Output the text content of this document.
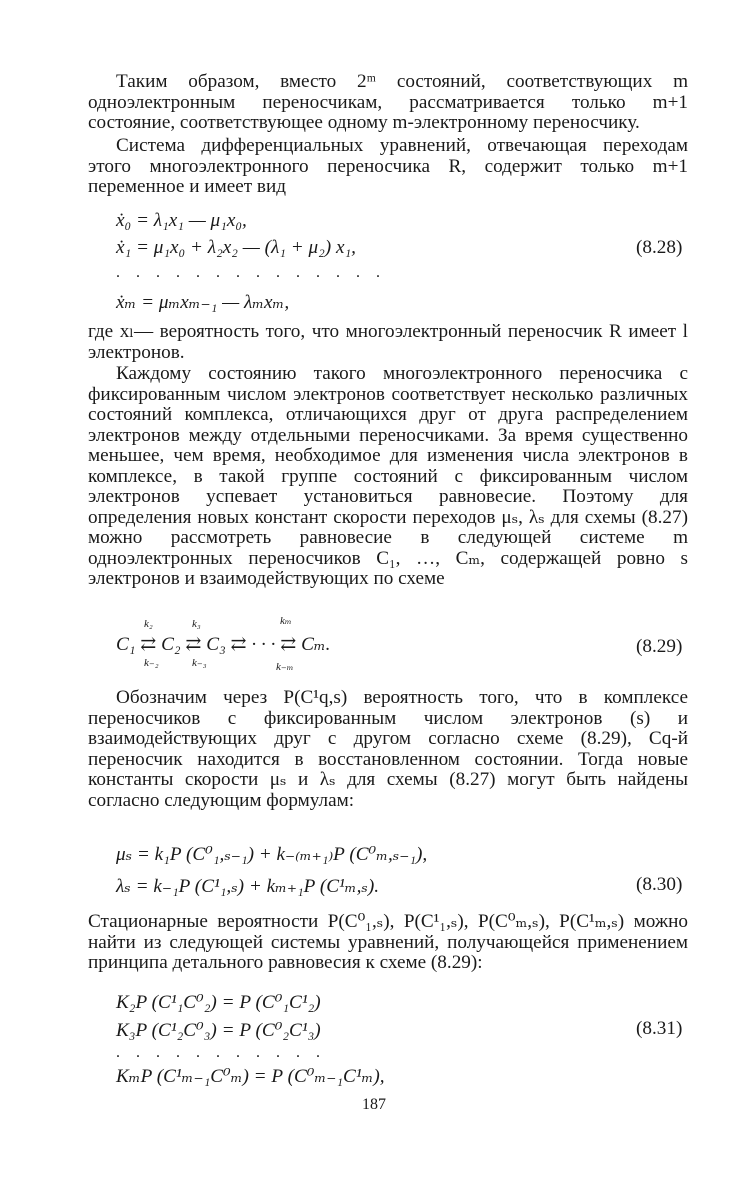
Таким образом, вместо 2ᵐ состояний, соответствующих m одноэлектронным переносчикам, рассматривается только m+1 состояние, соответствующее одному m-электронному переносчику.

Система дифференциальных уравнений, отвечающая переходам этого многоэлектронного переносчика R, содержит только m+1 переменное и имеет вид

ẋ₀ = λ₁x₁ — μ₁x₀,
ẋ₁ = μ₁x₀ + λ₂x₂ — (λ₁ + μ₂) x₁,	(8.28)
. . . . . . . . . . . . . .
ẋₘ = μₘxₘ₋₁ — λₘxₘ,

где xₗ— вероятность того, что многоэлектронный переносчик R имеет l электронов.

Каждому состоянию такого многоэлектронного переносчика с фиксированным числом электронов соответствует несколько различных состояний комплекса, отличающихся друг от друга распределением электронов между отдельными переносчиками. За время существенно меньшее, чем время, необходимое для изменения числа электронов в комплексе, в такой группе состояний с фиксированным числом электронов успевает установиться равновесие. Поэтому для определения новых констант скорости переходов μₛ, λₛ для схемы (8.27) можно рассмотреть равновесие в следующей системе m одноэлектронных переносчиков C₁, …, Cₘ, содержащей ровно s электронов и взаимодействующих по схеме

k₂	k₃	kₘ
C₁ ⇄ C₂ ⇄ C₃ ⇄ · · · ⇄ Cₘ.
k₋₂	k₋₃	k₋ₘ
(8.29)

Обозначим через P(C¹q,s) вероятность того, что в комплексе переносчиков с фиксированным числом электронов (s) и взаимодействующих друг с другом согласно схеме (8.29), Cq-й переносчик находится в восстановленном состоянии. Тогда новые константы скорости μₛ и λₛ для схемы (8.27) могут быть найдены согласно следующим формулам:

μₛ = k₁P (C⁰₁,ₛ₋₁) + k₋₍ₘ₊₁₎P (C⁰ₘ,ₛ₋₁),
λₛ = k₋₁P (C¹₁,ₛ) + kₘ₊₁P (C¹ₘ,ₛ).	(8.30)

Стационарные вероятности P(C⁰₁,ₛ), P(C¹₁,ₛ), P(C⁰ₘ,ₛ), P(C¹ₘ,ₛ) можно найти из следующей системы уравнений, получающейся применением принципа детального равновесия к схеме (8.29):

K₂P (C¹₁C⁰₂) = P (C⁰₁C¹₂)
K₃P (C¹₂C⁰₃) = P (C⁰₂C¹₃)	(8.31)
. . . . . . . . . . .
KₘP (C¹ₘ₋₁C⁰ₘ) = P (C⁰ₘ₋₁C¹ₘ),
187
